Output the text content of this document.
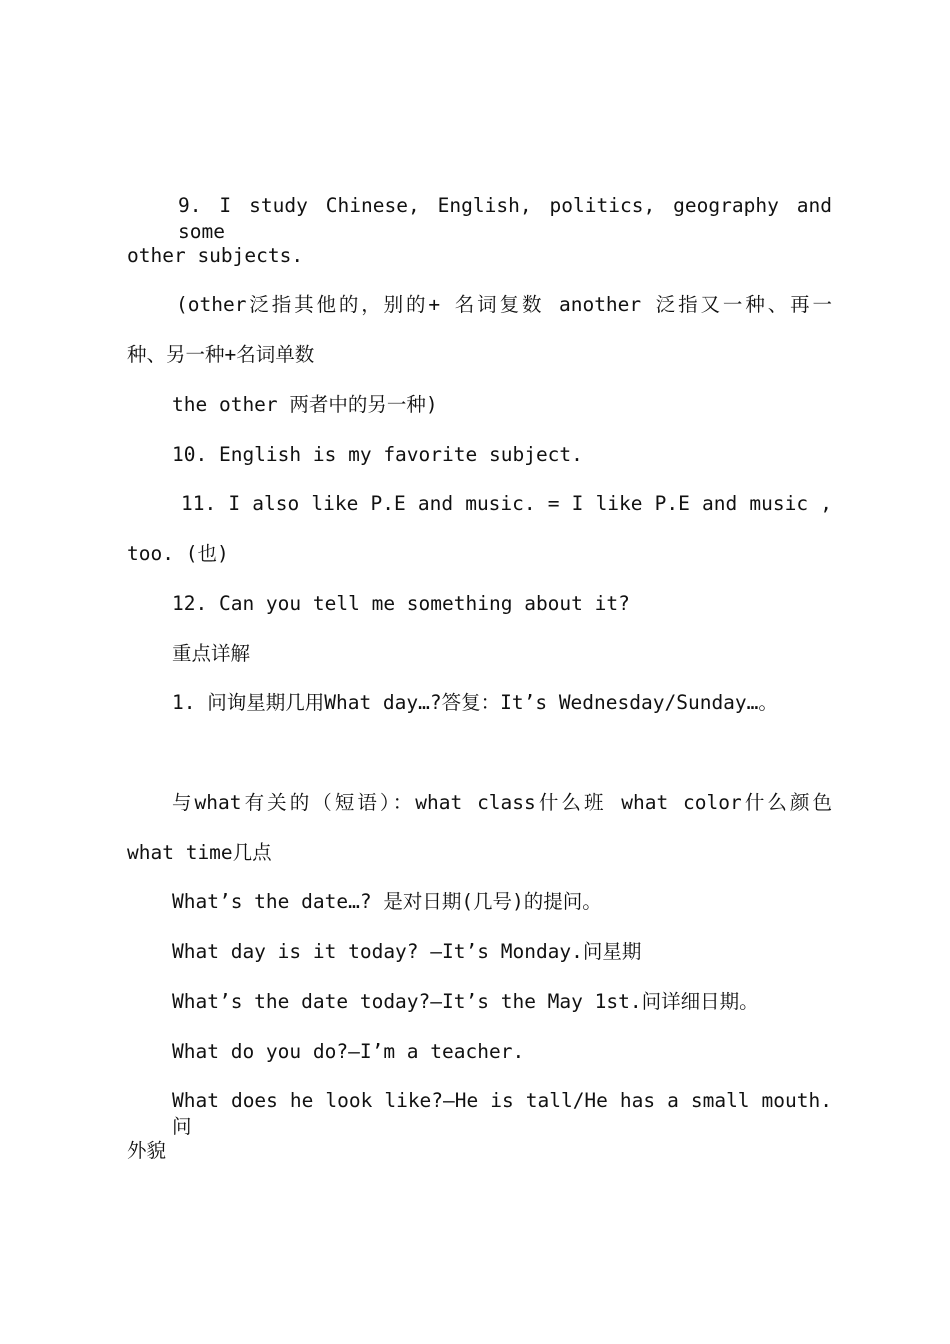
9. I study Chinese, English, politics, geography and some
other subjects.
(other泛指其他的，别的+ 名词复数 another 泛指又一种、再一
种、另一种+名词单数
the other 两者中的另一种)
10. English is my favorite subject.
11. I also like P.E and music. = I like P.E and music ,
too. (也)
12. Can you tell me something about it?
重点详解
1. 问询星期几用What day…?答复：It’s Wednesday/Sunday…。
与what有关的（短语）：what class什么班 what color什么颜色
what time几点
What’s the date…? 是对日期(几号)的提问。
What day is it today? —It’s Monday.问星期
What’s the date today?—It’s the May 1st.问详细日期。
What do you do?—I’m a teacher.
What does he look like?—He is tall/He has a small mouth.问
外貌
